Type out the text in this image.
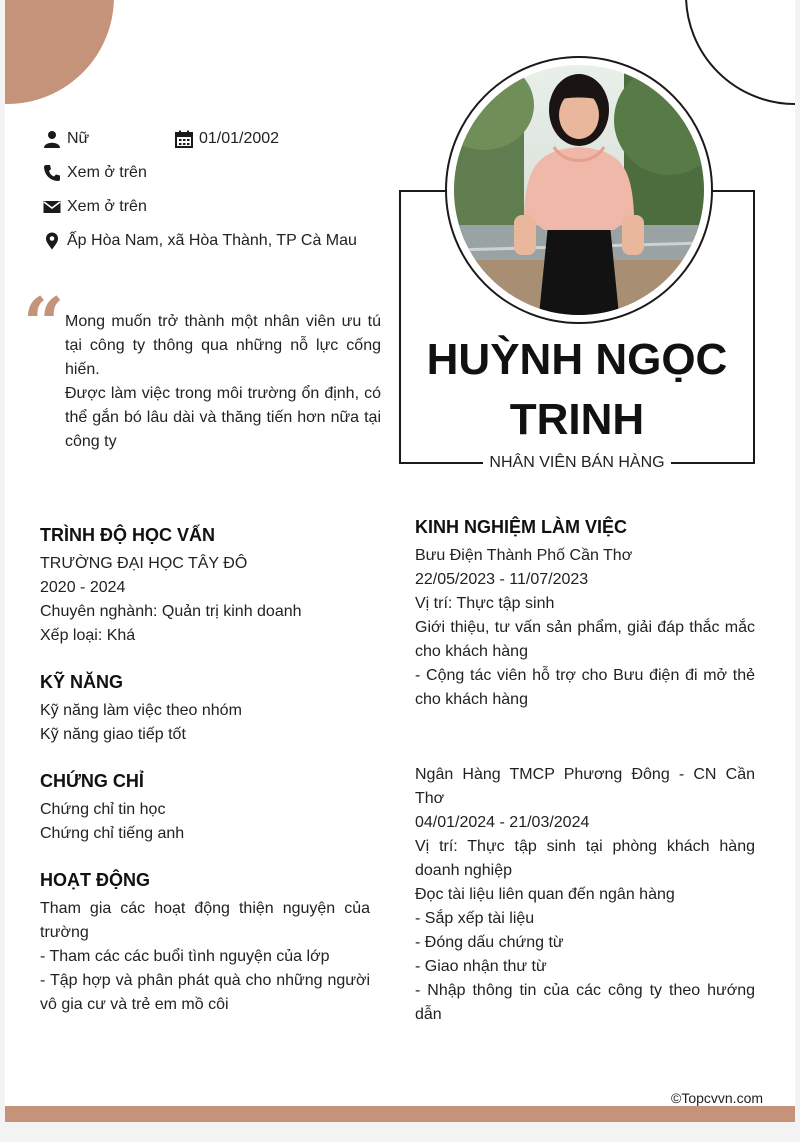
Nữ	01/01/2002
Xem ở trên
Xem ở trên
Ấp Hòa Nam, xã Hòa Thành, TP Cà Mau
“ Mong muốn trở thành một nhân viên ưu tú tại công ty thông qua những nỗ lực cống hiến.

Được làm việc trong môi trường ổn định, có thể gắn bó lâu dài và thăng tiến hơn nữa tại công ty

HUỲNH NGỌC
TRINH
NHÂN VIÊN BÁN HÀNG
TRÌNH ĐỘ HỌC VẤN
TRƯỜNG ĐẠI HỌC TÂY ĐÔ
2020 - 2024
Chuyên nghành: Quản trị kinh doanh
Xếp loại: Khá
KỸ NĂNG
Kỹ năng làm việc theo nhóm
Kỹ năng giao tiếp tốt
CHỨNG CHỈ
Chứng chỉ tin học
Chứng chỉ tiếng anh
HOẠT ĐỘNG
Tham gia các hoạt động thiện nguyện của trường
- Tham các các buổi tình nguyện của lớp
- Tập hợp và phân phát quà cho những người vô gia cư và trẻ em mồ côi
KINH NGHIỆM LÀM VIỆC
Bưu Điện Thành Phố Cần Thơ
22/05/2023 - 11/07/2023
Vị trí: Thực tập sinh
Giới thiệu, tư vấn sản phẩm, giải đáp thắc mắc cho khách hàng
- Cộng tác viên hỗ trợ cho Bưu điện đi mở thẻ cho khách hàng
Ngân Hàng TMCP Phương Đông - CN Cần Thơ
04/01/2024 - 21/03/2024
Vị trí: Thực tập sinh tại phòng khách hàng doanh nghiệp
Đọc tài liệu liên quan đến ngân hàng
- Sắp xếp tài liệu
- Đóng dấu chứng từ
- Giao nhận thư từ
- Nhập thông tin của các công ty theo hướng dẫn
©Topcvvn.com
